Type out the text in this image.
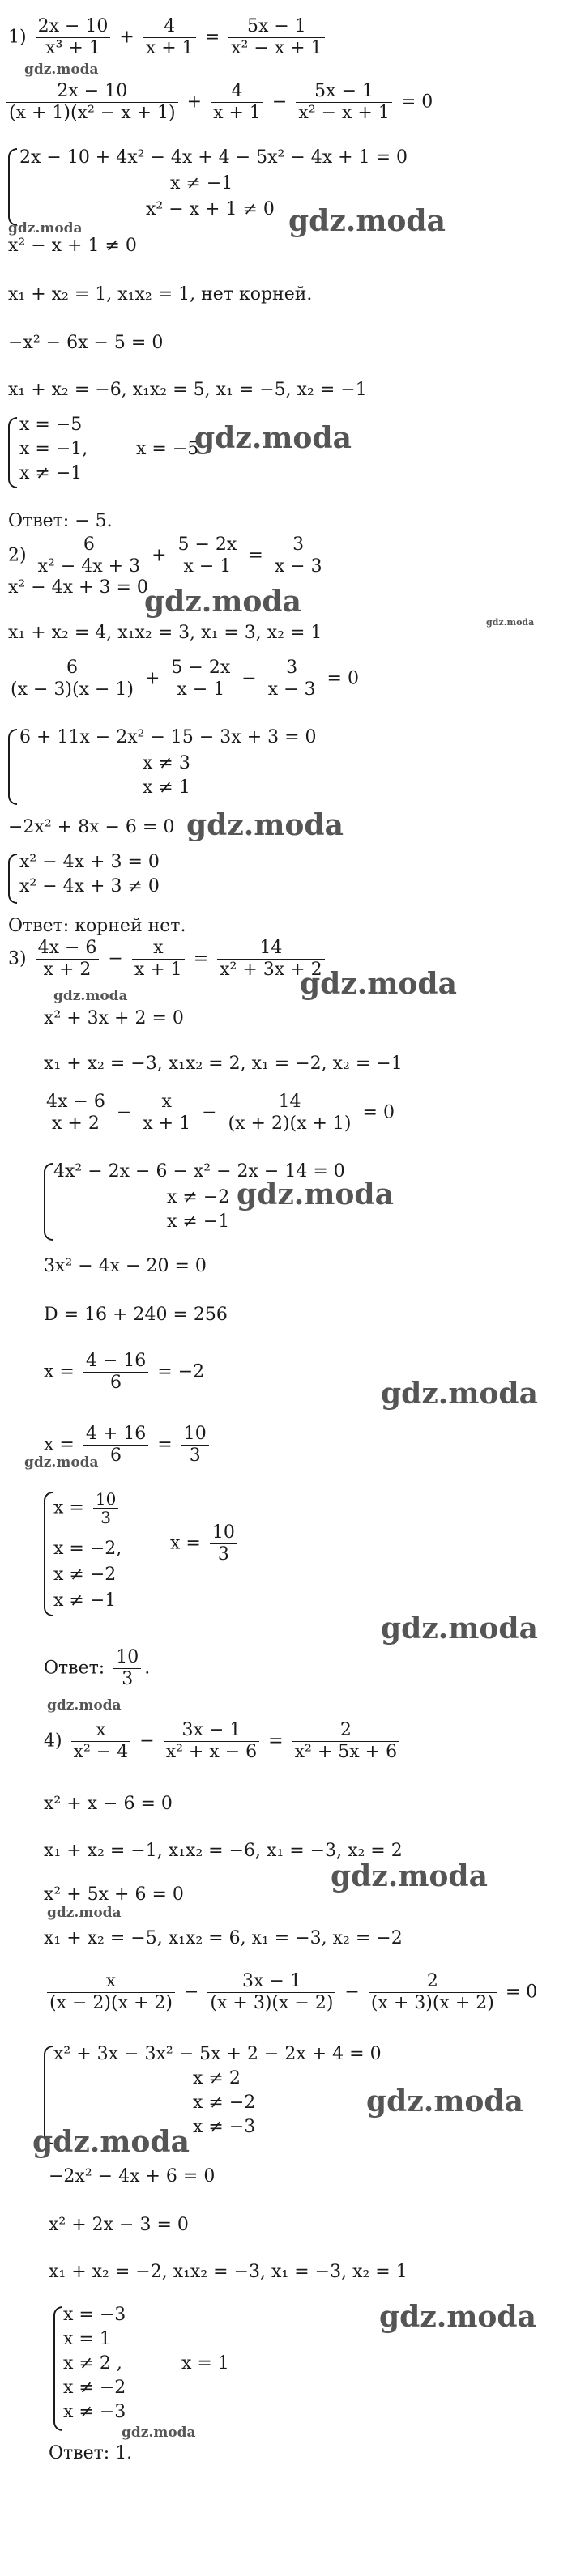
$1) \frac{2x - 10}{\text{x³ + 1}} + \frac{4}{x + 1} = \frac{5x - 1}{\text{x² − x + 1}}$
$\frac{2x - 10}{\text{(x + 1)(x² − x + 1)}} + \frac{4}{x + 1} - \frac{5x - 1}{\text{x² − x + 1}} = 0$
2x − 10 + 4x² − 4x + 4 − 5x² − 4x + 1 = 0
x ≠ −1
x² − x + 1 ≠ 0
x² − x + 1 ≠ 0
x₁ + x₂ = 1, x₁x₂ = 1, нет корней.
−x² − 6x − 5 = 0
x₁ + x₂ = −6, x₁x₂ = 5, x₁ = −5, x₂ = −1
x = −5
x = −1,
x ≠ −1
x = −5
Ответ: − 5.
$2) \frac{6}{\text{x² − 4x + 3}} + \frac{5 - 2x}{x - 1} = \frac{3}{x - 3}$
x² − 4x + 3 = 0
x₁ + x₂ = 4, x₁x₂ = 3, x₁ = 3, x₂ = 1
$\frac{6}{(x - 3)(x - 1)} + \frac{5 - 2x}{x - 1} - \frac{3}{x - 3} = 0$
6 + 11x − 2x² − 15 − 3x + 3 = 0
x ≠ 3
x ≠ 1
−2x² + 8x − 6 = 0
x² − 4x + 3 = 0
x² − 4x + 3 ≠ 0
Ответ: корней нет.
$3) \frac{4x - 6}{x + 2} - \frac{x}{x + 1} = \frac{14}{\text{x² + 3x + 2}}$
x² + 3x + 2 = 0
x₁ + x₂ = −3, x₁x₂ = 2, x₁ = −2, x₂ = −1
$\frac{4x - 6}{x + 2} - \frac{x}{x + 1} - \frac{14}{(x + 2)(x + 1)} = 0$
4x² − 2x − 6 − x² − 2x − 14 = 0
x ≠ −2
x ≠ −1
3x² − 4x − 20 = 0
D = 16 + 240 = 256
$x = \frac{4 - 16}{6} = -2$
$x = \frac{4 + 16}{6} = \frac{10}{3}$
$x = \frac{10}{3}$
x = −2,
x ≠ −2
x ≠ −1
$x = \frac{10}{3}$
Ответ: $\frac{10}{3}$ .
$4) \frac{x}{\text{x² − 4}} - \frac{3x - 1}{\text{x² + x − 6}} = \frac{2}{\text{x² + 5x + 6}}$
x² + x − 6 = 0
x₁ + x₂ = −1, x₁x₂ = −6, x₁ = −3, x₂ = 2
x² + 5x + 6 = 0
x₁ + x₂ = −5, x₁x₂ = 6, x₁ = −3, x₂ = −2
$\frac{x}{(x - 2)(x + 2)} - \frac{3x - 1}{(x + 3)(x - 2)} - \frac{2}{(x + 3)(x + 2)} = 0$
x² + 3x − 3x² − 5x + 2 − 2x + 4 = 0
x ≠ 2
x ≠ −2
x ≠ −3
−2x² − 4x + 6 = 0
x² + 2x − 3 = 0
x₁ + x₂ = −2, x₁x₂ = −3, x₁ = −3, x₂ = 1
x = −3
x = 1
x ≠ 2 ,
x ≠ −2
x ≠ −3
x = 1
Ответ: 1.
gdz.moda
gdz.moda	gdz.moda
gdz.moda
gdz.moda
gdz.moda
gdz.moda
gdz.moda
gdz.moda
gdz.moda
gdz.moda
gdz.moda
gdz.moda
gdz.moda
gdz.moda
gdz.moda
gdz.moda
gdz.moda
gdz.moda
gdz.moda
